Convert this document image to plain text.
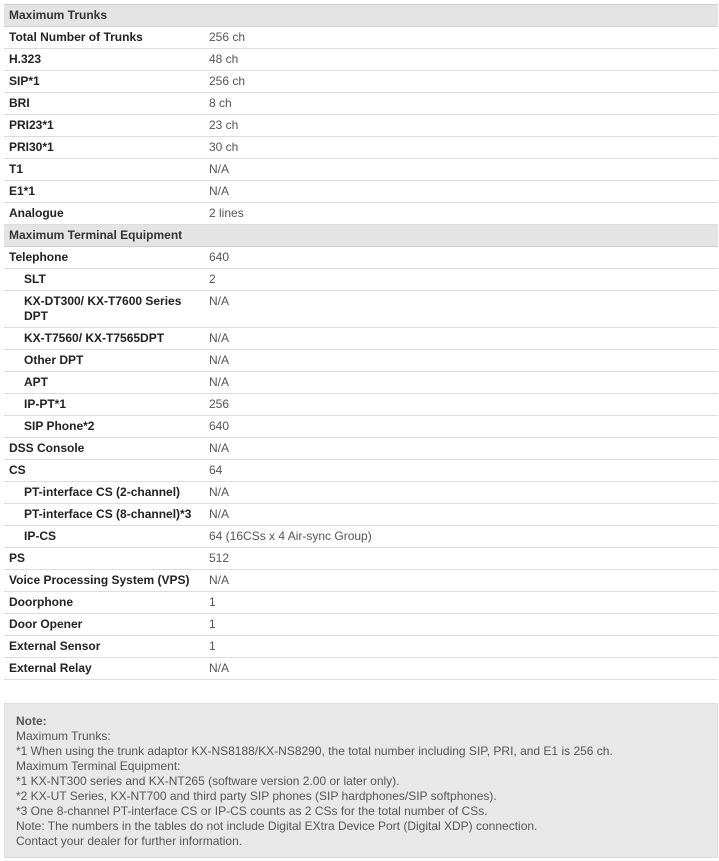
Maximum Trunks	
Total Number of Trunks	256 ch
H.323	48 ch
SIP*1	256 ch
BRI	8 ch
PRI23*1	23 ch
PRI30*1	30 ch
T1	N/A
E1*1	N/A
Analogue	2 lines
Maximum Terminal Equipment	
Telephone	640
SLT	2
KX-DT300/ KX-T7600 Series DPT	N/A
KX-T7560/ KX-T7565DPT	N/A
Other DPT	N/A
APT	N/A
IP-PT*1	256
SIP Phone*2	640
DSS Console	N/A
CS	64
PT-interface CS (2-channel)	N/A
PT-interface CS (8-channel)*3	N/A
IP-CS	64 (16CSs x 4 Air-sync Group)
PS	512
Voice Processing System (VPS)	N/A
Doorphone	1
Door Opener	1
External Sensor	1
External Relay	N/A
Note:
Maximum Trunks:
*1 When using the trunk adaptor KX-NS8188/KX-NS8290, the total number including SIP, PRI, and E1 is 256 ch.
Maximum Terminal Equipment:
*1 KX-NT300 series and KX-NT265 (software version 2.00 or later only).
*2 KX-UT Series, KX-NT700 and third party SIP phones (SIP hardphones/SIP softphones).
*3 One 8-channel PT-interface CS or IP-CS counts as 2 CSs for the total number of CSs.
Note: The numbers in the tables do not include Digital EXtra Device Port (Digital XDP) connection.
Contact your dealer for further information.
